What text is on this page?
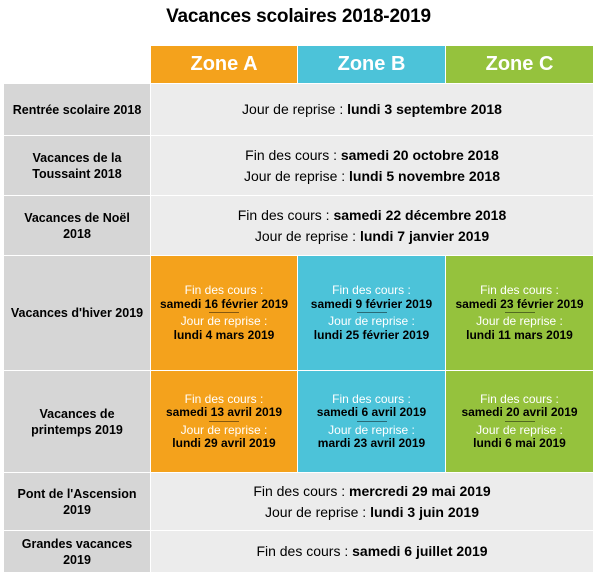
Vacances scolaires 2018-2019
	Zone A	Zone B	Zone C
Rentrée scolaire 2018	Jour de reprise : lundi 3 septembre 2018		

Vacances de la Toussaint 2018	Fin des cours : samedi 20 octobre 2018
Jour de reprise : lundi 5 novembre 2018		

Vacances de Noël 2018	Fin des cours : samedi 22 décembre 2018
Jour de reprise : lundi 7 janvier 2019		

Vacances d'hiver 2019	Fin des cours :
samedi 16 février 2019
Jour de reprise :
lundi 4 mars 2019	Fin des cours :
samedi 9 février 2019
Jour de reprise :
lundi 25 février 2019	Fin des cours :
samedi 23 février 2019
Jour de reprise :
lundi 11 mars 2019

Vacances de printemps 2019	Fin des cours :
samedi 13 avril 2019
Jour de reprise :
lundi 29 avril 2019	Fin des cours :
samedi 6 avril 2019
Jour de reprise :
mardi 23 avril 2019	Fin des cours :
samedi 20 avril 2019
Jour de reprise :
lundi 6 mai 2019

Pont de l'Ascension 2019	Fin des cours : mercredi 29 mai 2019
Jour de reprise : lundi 3 juin 2019		

Grandes vacances 2019	Fin des cours : samedi 6 juillet 2019		
